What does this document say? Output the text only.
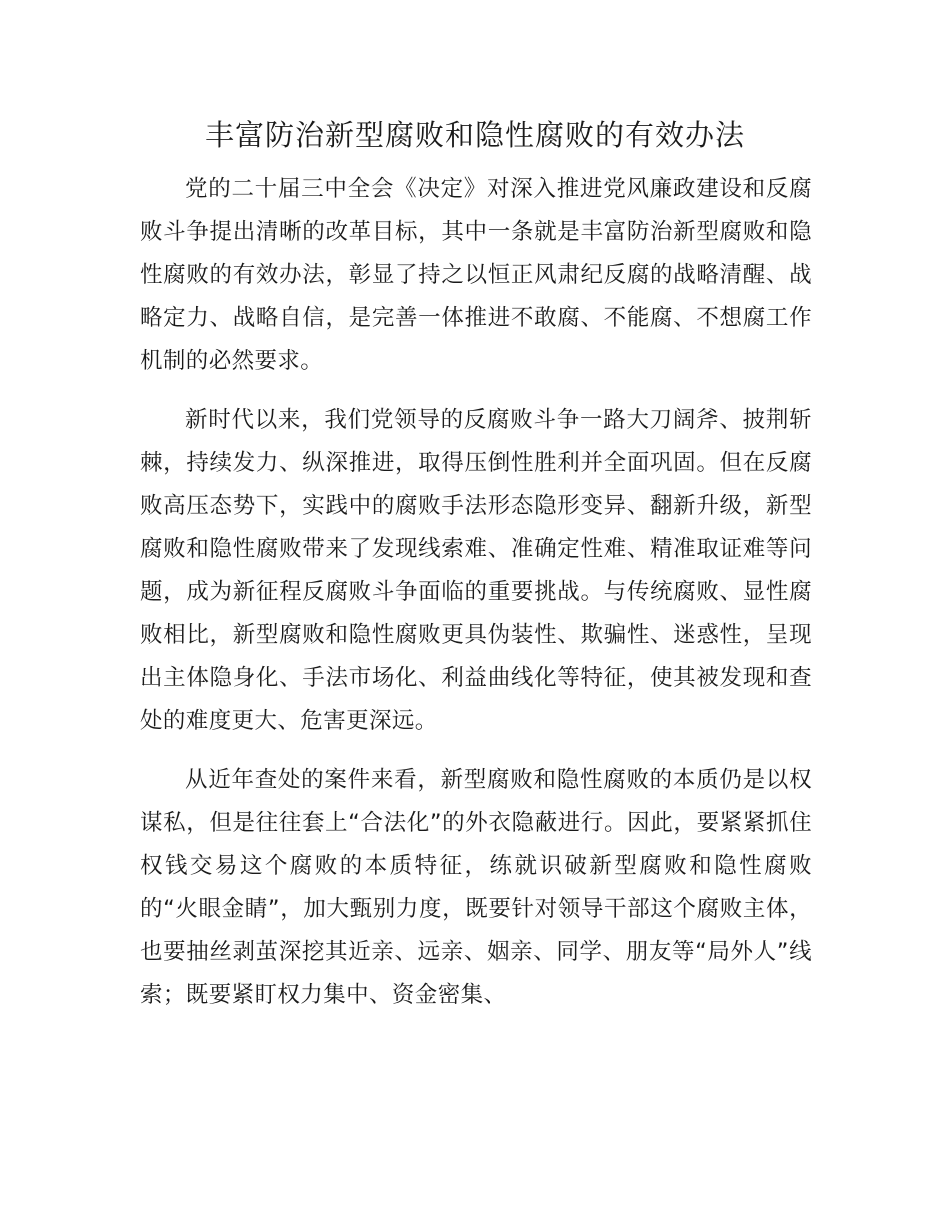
丰富防治新型腐败和隐性腐败的有效办法

党的二十届三中全会《决定》对深入推进党风廉政建设和反腐败斗争提出清晰的改革目标，其中一条就是丰富防治新型腐败和隐性腐败的有效办法，彰显了持之以恒正风肃纪反腐的战略清醒、战略定力、战略自信，是完善一体推进不敢腐、不能腐、不想腐工作机制的必然要求。

新时代以来，我们党领导的反腐败斗争一路大刀阔斧、披荆斩棘，持续发力、纵深推进，取得压倒性胜利并全面巩固。但在反腐败高压态势下，实践中的腐败手法形态隐形变异、翻新升级，新型腐败和隐性腐败带来了发现线索难、准确定性难、精准取证难等问题，成为新征程反腐败斗争面临的重要挑战。与传统腐败、显性腐败相比，新型腐败和隐性腐败更具伪装性、欺骗性、迷惑性，呈现出主体隐身化、手法市场化、利益曲线化等特征，使其被发现和查处的难度更大、危害更深远。

从近年查处的案件来看，新型腐败和隐性腐败的本质仍是以权谋私，但是往往套上“合法化”的外衣隐蔽进行。因此，要紧紧抓住权钱交易这个腐败的本质特征，练就识破新型腐败和隐性腐败的“火眼金睛”，加大甄别力度，既要针对领导干部这个腐败主体，也要抽丝剥茧深挖其近亲、远亲、姻亲、同学、朋友等“局外人”线索；既要紧盯权力集中、资金密集、
